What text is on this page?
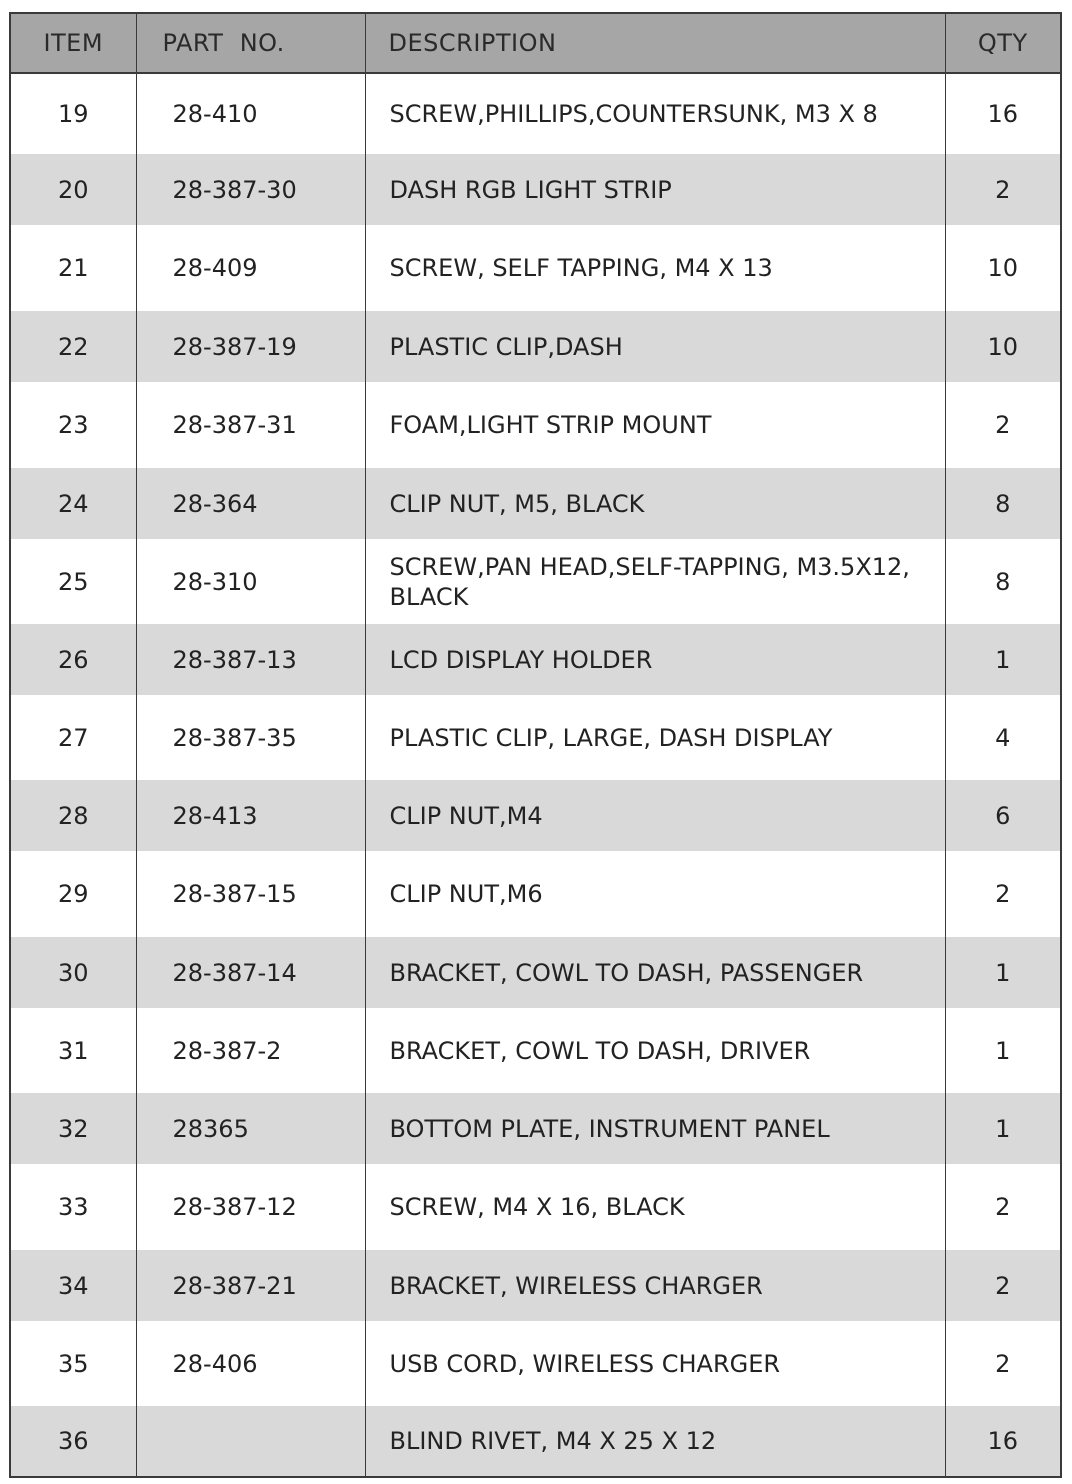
ITEM	PART  NO.	DESCRIPTION	QTY
19	28-410	SCREW,PHILLIPS,COUNTERSUNK, M3 X 8	16
20	28-387-30	DASH RGB LIGHT STRIP	2
21	28-409	SCREW, SELF TAPPING, M4 X 13	10
22	28-387-19	PLASTIC CLIP,DASH	10
23	28-387-31	FOAM,LIGHT STRIP MOUNT	2
24	28-364	CLIP NUT, M5, BLACK	8
25	28-310	SCREW,PAN HEAD,SELF-TAPPING, M3.5X12, BLACK	8
26	28-387-13	LCD DISPLAY HOLDER	1
27	28-387-35	PLASTIC CLIP, LARGE, DASH DISPLAY	4
28	28-413	CLIP NUT,M4	6
29	28-387-15	CLIP NUT,M6	2
30	28-387-14	BRACKET, COWL TO DASH, PASSENGER	1
31	28-387-2	BRACKET, COWL TO DASH, DRIVER	1
32	28365	BOTTOM PLATE, INSTRUMENT PANEL	1
33	28-387-12	SCREW, M4 X 16, BLACK	2
34	28-387-21	BRACKET, WIRELESS CHARGER	2
35	28-406	USB CORD, WIRELESS CHARGER	2
36		BLIND RIVET, M4 X 25 X 12	16
